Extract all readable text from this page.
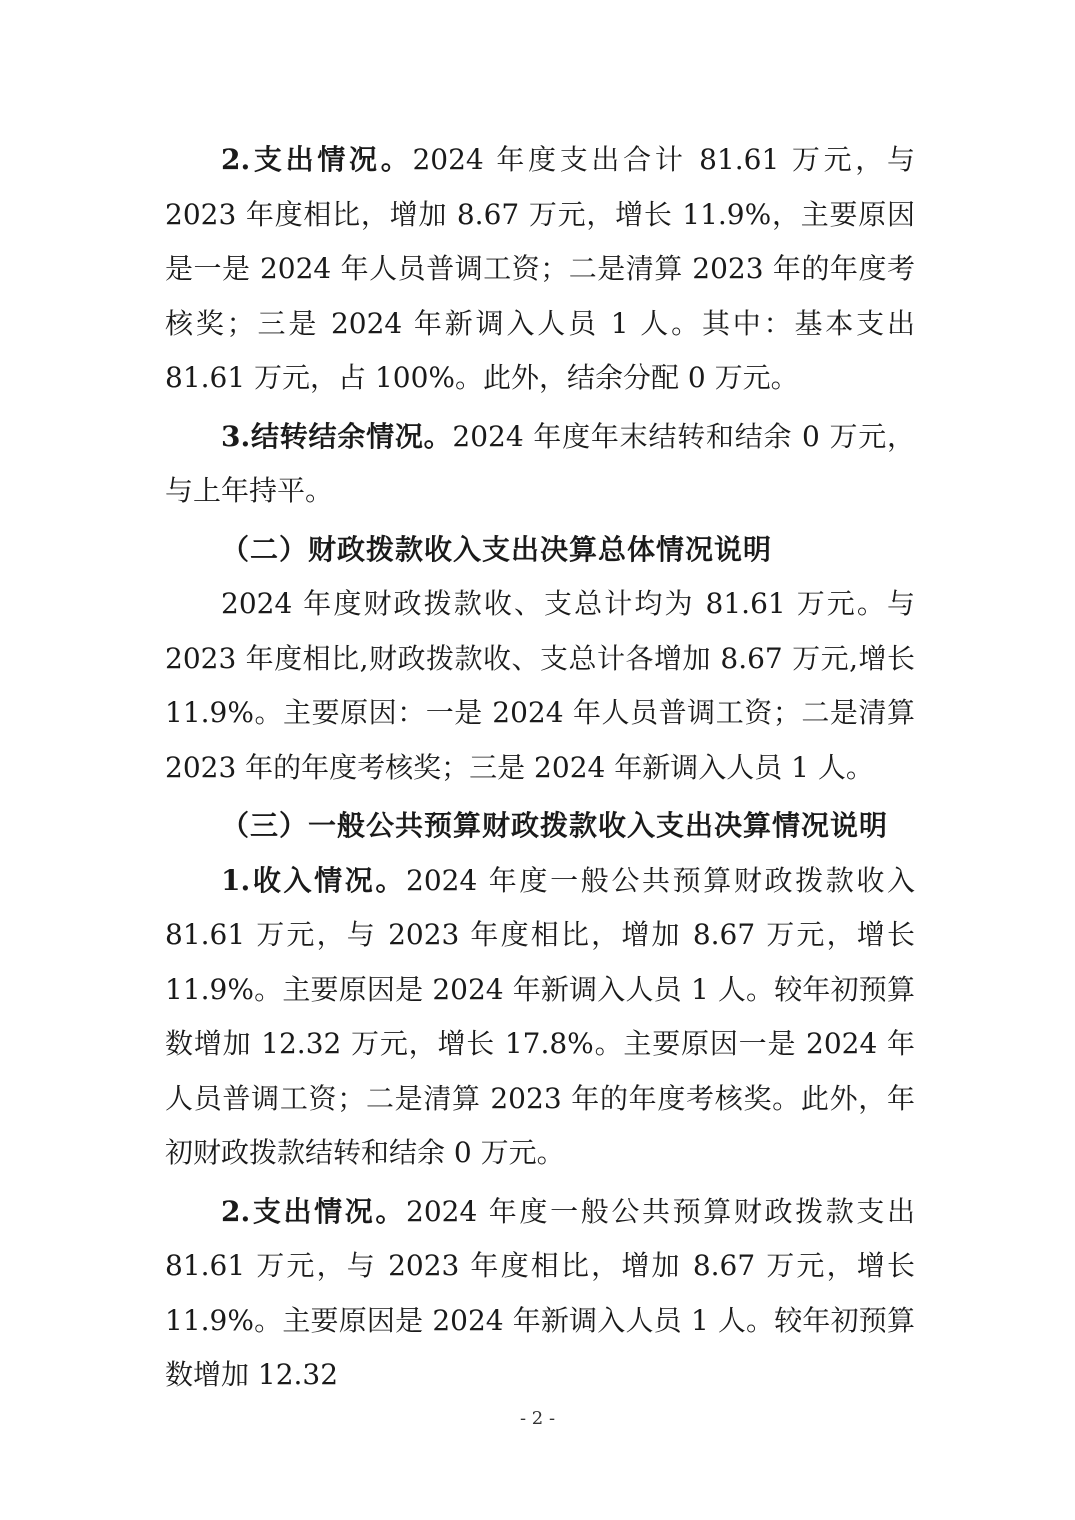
2.支出情况。2024 年度支出合计 81.61 万元，与 2023 年度相比，增加 8.67 万元，增长 11.9%，主要原因是一是 2024 年人员普调工资；二是清算 2023 年的年度考核奖；三是 2024 年新调入人员 1 人。其中：基本支出 81.61 万元，占 100%。此外，结余分配 0 万元。

3.结转结余情况。2024 年度年末结转和结余 0 万元，与上年持平。

（二）财政拨款收入支出决算总体情况说明

2024 年度财政拨款收、支总计均为 81.61 万元。与 2023 年度相比,财政拨款收、支总计各增加 8.67 万元,增长 11.9%。主要原因：一是 2024 年人员普调工资；二是清算 2023 年的年度考核奖；三是 2024 年新调入人员 1 人。

（三）一般公共预算财政拨款收入支出决算情况说明

1.收入情况。2024 年度一般公共预算财政拨款收入 81.61 万元，与 2023 年度相比，增加 8.67 万元，增长 11.9%。主要原因是 2024 年新调入人员 1 人。较年初预算数增加 12.32 万元，增长 17.8%。主要原因一是 2024 年人员普调工资；二是清算 2023 年的年度考核奖。此外，年初财政拨款结转和结余 0 万元。

2.支出情况。2024 年度一般公共预算财政拨款支出 81.61 万元，与 2023 年度相比，增加 8.67 万元，增长 11.9%。主要原因是 2024 年新调入人员 1 人。较年初预算数增加 12.32

- 2 -
